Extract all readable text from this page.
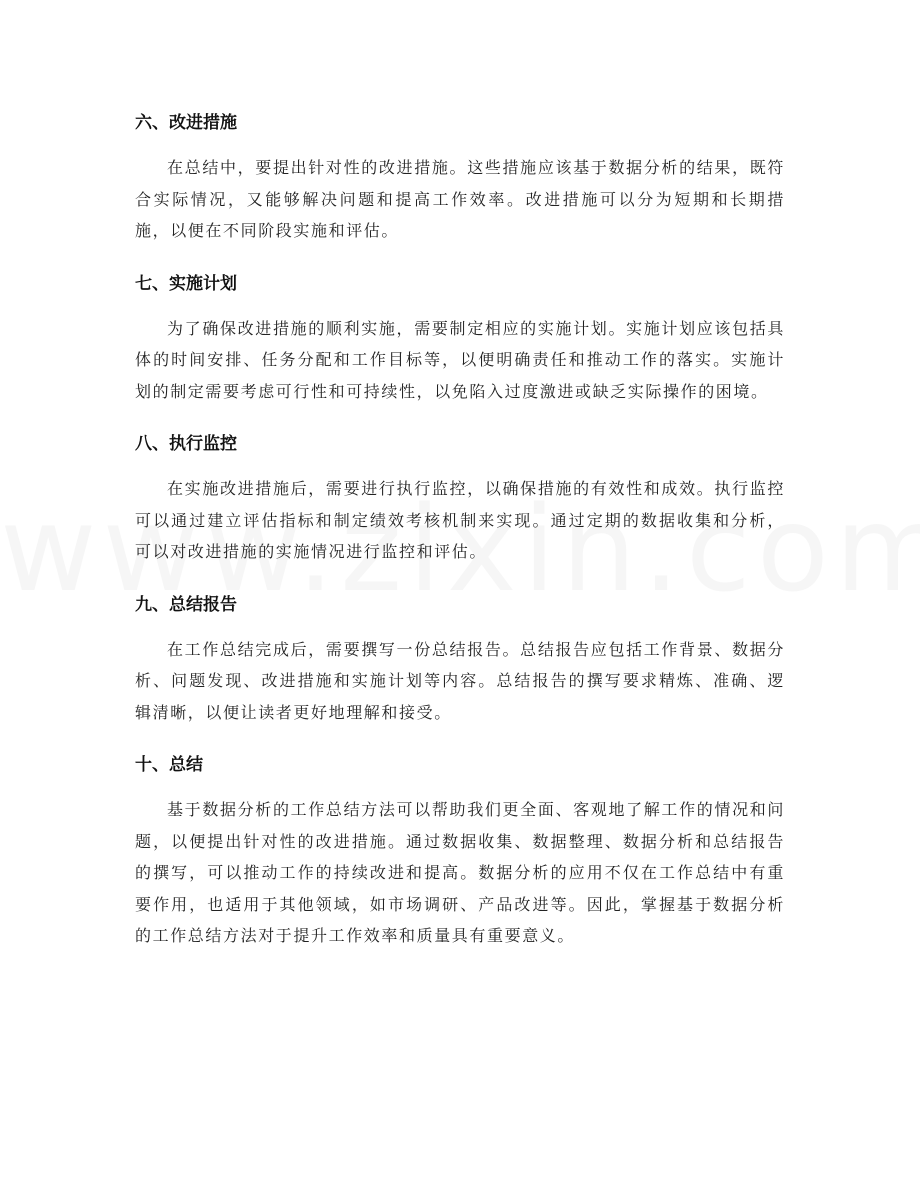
六、改进措施

在总结中，要提出针对性的改进措施。这些措施应该基于数据分析的结果，既符合实际情况，又能够解决问题和提高工作效率。改进措施可以分为短期和长期措施，以便在不同阶段实施和评估。

七、实施计划

为了确保改进措施的顺利实施，需要制定相应的实施计划。实施计划应该包括具体的时间安排、任务分配和工作目标等，以便明确责任和推动工作的落实。实施计划的制定需要考虑可行性和可持续性，以免陷入过度激进或缺乏实际操作的困境。

八、执行监控

在实施改进措施后，需要进行执行监控，以确保措施的有效性和成效。执行监控可以通过建立评估指标和制定绩效考核机制来实现。通过定期的数据收集和分析，可以对改进措施的实施情况进行监控和评估。

九、总结报告

在工作总结完成后，需要撰写一份总结报告。总结报告应包括工作背景、数据分析、问题发现、改进措施和实施计划等内容。总结报告的撰写要求精炼、准确、逻辑清晰，以便让读者更好地理解和接受。

十、总结

基于数据分析的工作总结方法可以帮助我们更全面、客观地了解工作的情况和问题，以便提出针对性的改进措施。通过数据收集、数据整理、数据分析和总结报告的撰写，可以推动工作的持续改进和提高。数据分析的应用不仅在工作总结中有重要作用，也适用于其他领域，如市场调研、产品改进等。因此，掌握基于数据分析的工作总结方法对于提升工作效率和质量具有重要意义。
